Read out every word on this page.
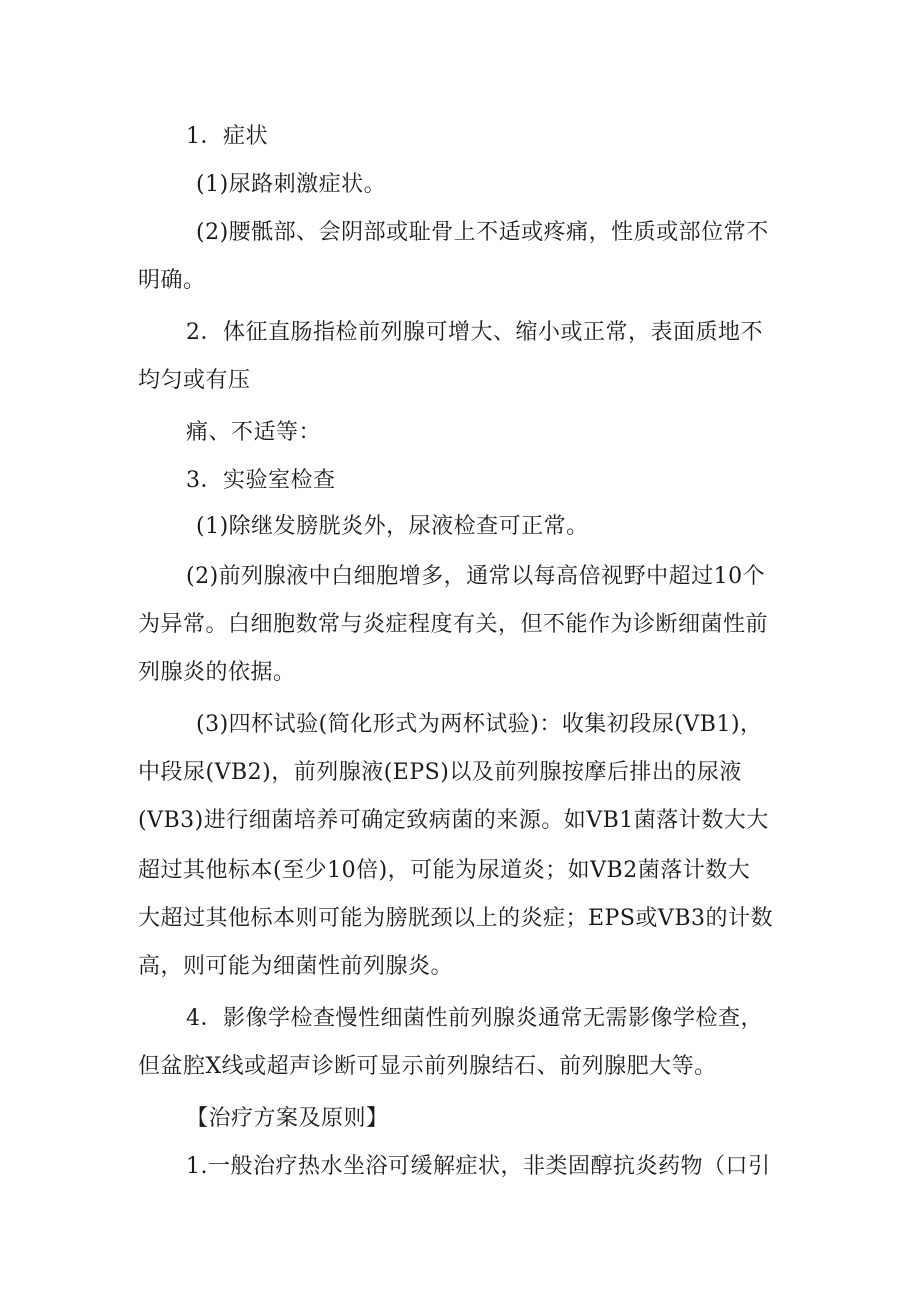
1．症状
(1)尿路刺激症状。
(2)腰骶部、会阴部或耻骨上不适或疼痛，性质或部位常不
明确。
2．体征直肠指检前列腺可增大、缩小或正常，表面质地不
均匀或有压
痛、不适等：
3．实验室检查
(1)除继发膀胱炎外，尿液检查可正常。
(2)前列腺液中白细胞增多，通常以每高倍视野中超过10个
为异常。白细胞数常与炎症程度有关，但不能作为诊断细菌性前
列腺炎的依据。
(3)四杯试验(简化形式为两杯试验)：收集初段尿(VB1)，
中段尿(VB2)，前列腺液(EPS)以及前列腺按摩后排出的尿液
(VB3)进行细菌培养可确定致病菌的来源。如VB1菌落计数大大
超过其他标本(至少10倍)，可能为尿道炎；如VB2菌落计数大
大超过其他标本则可能为膀胱颈以上的炎症；EPS或VB3的计数
高，则可能为细菌性前列腺炎。
4．影像学检查慢性细菌性前列腺炎通常无需影像学检查，
但盆腔X线或超声诊断可显示前列腺结石、前列腺肥大等。
【治疗方案及原则】
1.一般治疗热水坐浴可缓解症状，非类固醇抗炎药物（口引
